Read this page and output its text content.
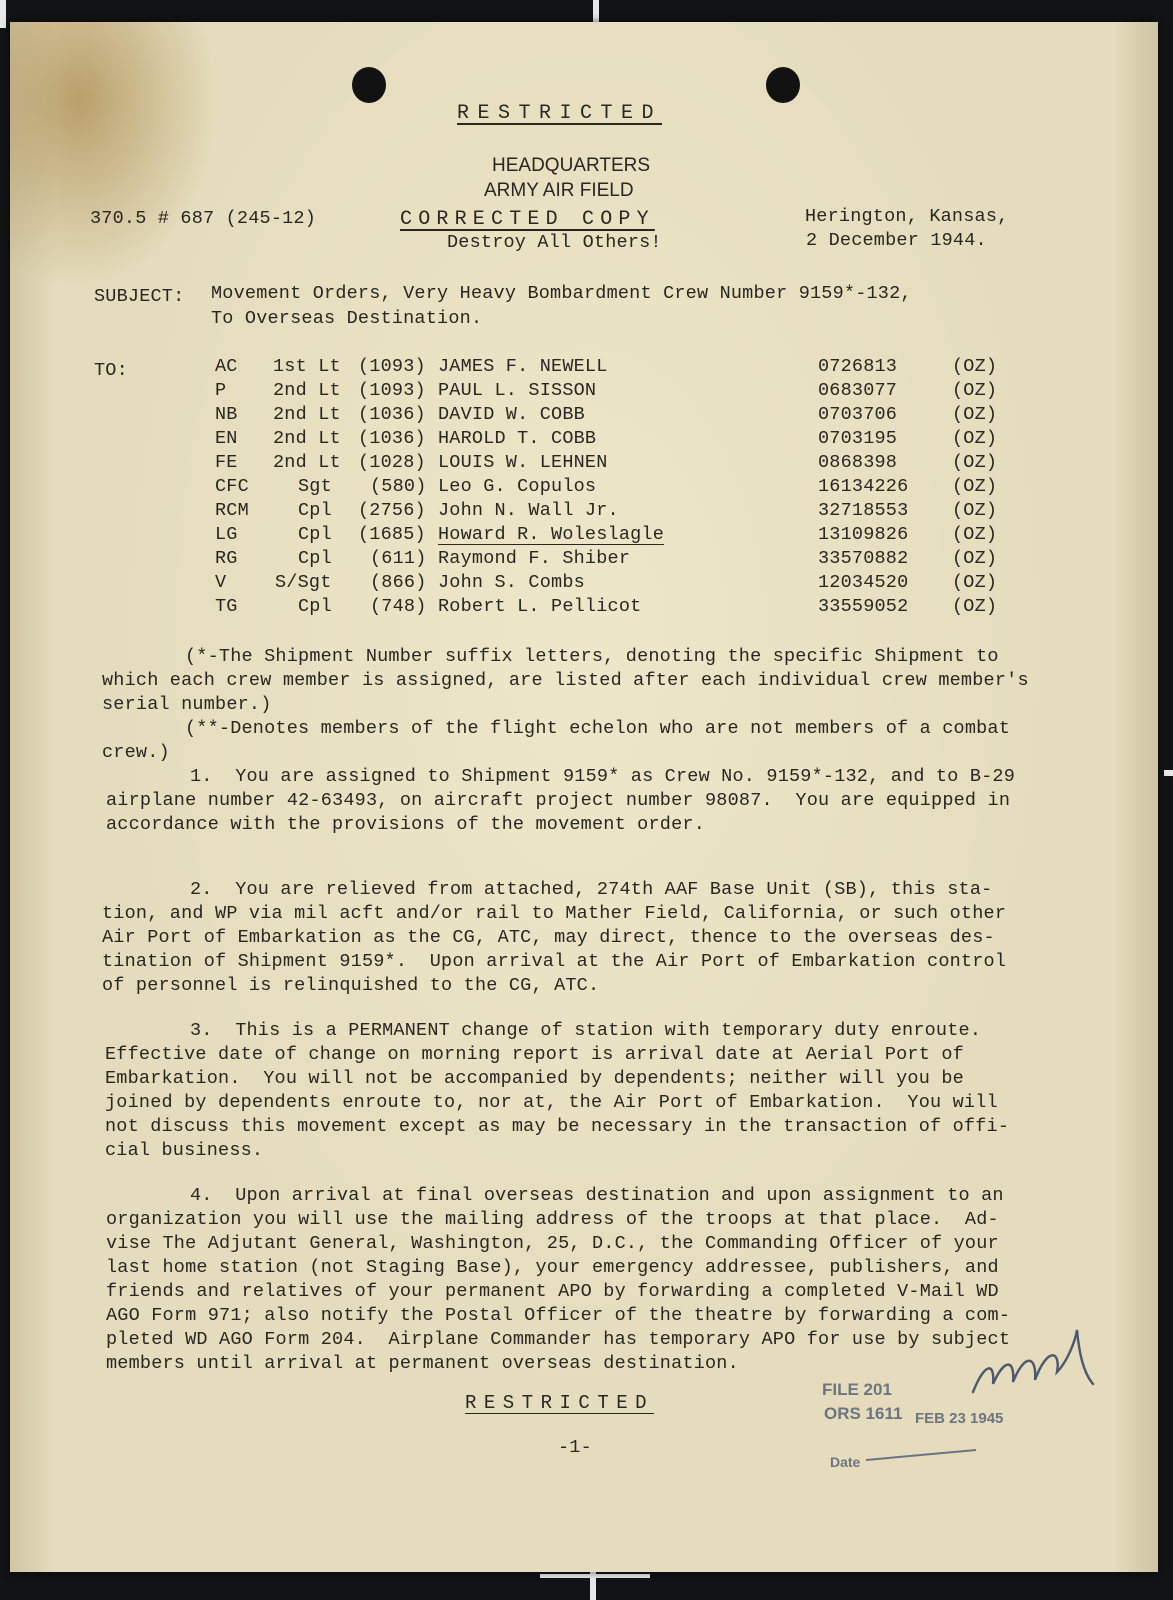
RESTRICTED
HEADQUARTERS
ARMY AIR FIELD
370.5 # 687 (245-12)	CORRECTED COPY
Destroy All Others!
Herington, Kansas,
2 December 1944.
SUBJECT: Movement Orders, Very Heavy Bombardment Crew Number 9159*-132,
To Overseas Destination.
TO:	AC 1st Lt (1093) JAMES F. NEWELL	0726813	(OZ)
P	2nd Lt (1093) PAUL L. SISSON	0683077	(OZ)
NB 2nd Lt (1036) DAVID W. COBB	0703706	(OZ)
EN 2nd Lt (1036) HAROLD T. COBB	0703195	(OZ)
FE 2nd Lt (1028) LOUIS W. LEHNEN	0868398	(OZ)
CFC	Sgt (580) Leo G. Copulos	16134226 (OZ)
RCM	Cpl (2756) John N. Wall Jr.	32718553 (OZ)
LG	Cpl (1685) Howard R. Woleslagle	13109826 (OZ)
RG	Cpl (611) Raymond F. Shiber	33570882 (OZ)
V	S/Sgt (866) John S. Combs	12034520 (OZ)
TG	Cpl (748) Robert L. Pellicot	33559052 (OZ)
(*-The Shipment Number suffix letters, denoting the specific Shipment to
which each crew member is assigned, are listed after each individual crew member's
serial number.)
(**-Denotes members of the flight echelon who are not members of a combat
crew.)
1.  You are assigned to Shipment 9159* as Crew No. 9159*-132, and to B-29
airplane number 42-63493, on aircraft project number 98087.  You are equipped in
accordance with the provisions of the movement order.
2.  You are relieved from attached, 274th AAF Base Unit (SB), this sta-
tion, and WP via mil acft and/or rail to Mather Field, California, or such other
Air Port of Embarkation as the CG, ATC, may direct, thence to the overseas des-
tination of Shipment 9159*.  Upon arrival at the Air Port of Embarkation control
of personnel is relinquished to the CG, ATC.
3.  This is a PERMANENT change of station with temporary duty enroute.
Effective date of change on morning report is arrival date at Aerial Port of
Embarkation.  You will not be accompanied by dependents; neither will you be
joined by dependents enroute to, nor at, the Air Port of Embarkation.  You will
not discuss this movement except as may be necessary in the transaction of offi-
cial business.
4.  Upon arrival at final overseas destination and upon assignment to an
organization you will use the mailing address of the troops at that place.  Ad-
vise The Adjutant General, Washington, 25, D.C., the Commanding Officer of your
last home station (not Staging Base), your emergency addressee, publishers, and
friends and relatives of your permanent APO by forwarding a completed V-Mail WD
AGO Form 971; also notify the Postal Officer of the theatre by forwarding a com-
pleted WD AGO Form 204.  Airplane Commander has temporary APO for use by subject
members until arrival at permanent overseas destination.
RESTRICTED
-1-
FILE 201
ORS 1611 FEB 23 1945
Date
